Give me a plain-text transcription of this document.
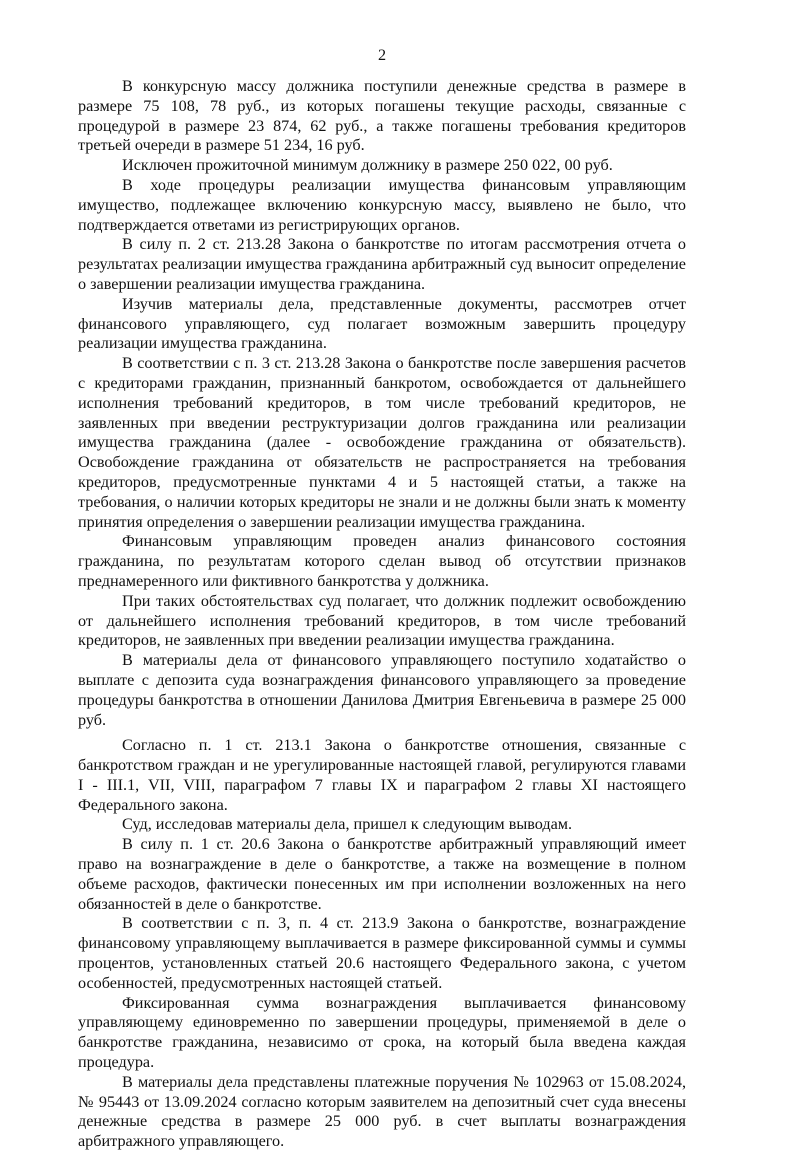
2

В конкурсную массу должника поступили денежные средства в размере в размере 75 108, 78 руб., из которых погашены текущие расходы, связанные с процедурой в размере 23 874, 62 руб., а также погашены требования кредиторов третьей очереди в размере 51 234, 16 руб.

Исключен прожиточной минимум должнику в размере 250 022, 00 руб.

В ходе процедуры реализации имущества финансовым управляющим имущество, подлежащее включению конкурсную массу, выявлено не было, что подтверждается ответами из регистрирующих органов.

В силу п. 2 ст. 213.28 Закона о банкротстве по итогам рассмотрения отчета о результатах реализации имущества гражданина арбитражный суд выносит определение о завершении реализации имущества гражданина.

Изучив материалы дела, представленные документы, рассмотрев отчет финансового управляющего, суд полагает возможным завершить процедуру реализации имущества гражданина.

В соответствии с п. 3 ст. 213.28 Закона о банкротстве после завершения расчетов с кредиторами гражданин, признанный банкротом, освобождается от дальнейшего исполнения требований кредиторов, в том числе требований кредиторов, не заявленных при введении реструктуризации долгов гражданина или реализации имущества гражданина (далее - освобождение гражданина от обязательств). Освобождение гражданина от обязательств не распространяется на требования кредиторов, предусмотренные пунктами 4 и 5 настоящей статьи, а также на требования, о наличии которых кредиторы не знали и не должны были знать к моменту принятия определения о завершении реализации имущества гражданина.

Финансовым управляющим проведен анализ финансового состояния гражданина, по результатам которого сделан вывод об отсутствии признаков преднамеренного или фиктивного банкротства у должника.

При таких обстоятельствах суд полагает, что должник подлежит освобождению от дальнейшего исполнения требований кредиторов, в том числе требований кредиторов, не заявленных при введении реализации имущества гражданина.

В материалы дела от финансового управляющего поступило ходатайство о выплате с депозита суда вознаграждения финансового управляющего за проведение процедуры банкротства в отношении Данилова Дмитрия Евгеньевича в размере 25 000 руб.

Согласно п. 1 ст. 213.1 Закона о банкротстве отношения, связанные с банкротством граждан и не урегулированные настоящей главой, регулируются главами I - III.1, VII, VIII, параграфом 7 главы IX и параграфом 2 главы XI настоящего Федерального закона.

Суд, исследовав материалы дела, пришел к следующим выводам.

В силу п. 1 ст. 20.6 Закона о банкротстве арбитражный управляющий имеет право на вознаграждение в деле о банкротстве, а также на возмещение в полном объеме расходов, фактически понесенных им при исполнении возложенных на него обязанностей в деле о банкротстве.

В соответствии с п. 3, п. 4 ст. 213.9 Закона о банкротстве, вознаграждение финансовому управляющему выплачивается в размере фиксированной суммы и суммы процентов, установленных статьей 20.6 настоящего Федерального закона, с учетом особенностей, предусмотренных настоящей статьей.

Фиксированная сумма вознаграждения выплачивается финансовому управляющему единовременно по завершении процедуры, применяемой в деле о банкротстве гражданина, независимо от срока, на который была введена каждая процедура.

В материалы дела представлены платежные поручения № 102963 от 15.08.2024, № 95443 от 13.09.2024 согласно которым заявителем на депозитный счет суда внесены денежные средства в размере 25 000 руб. в счет выплаты вознаграждения арбитражного управляющего.
